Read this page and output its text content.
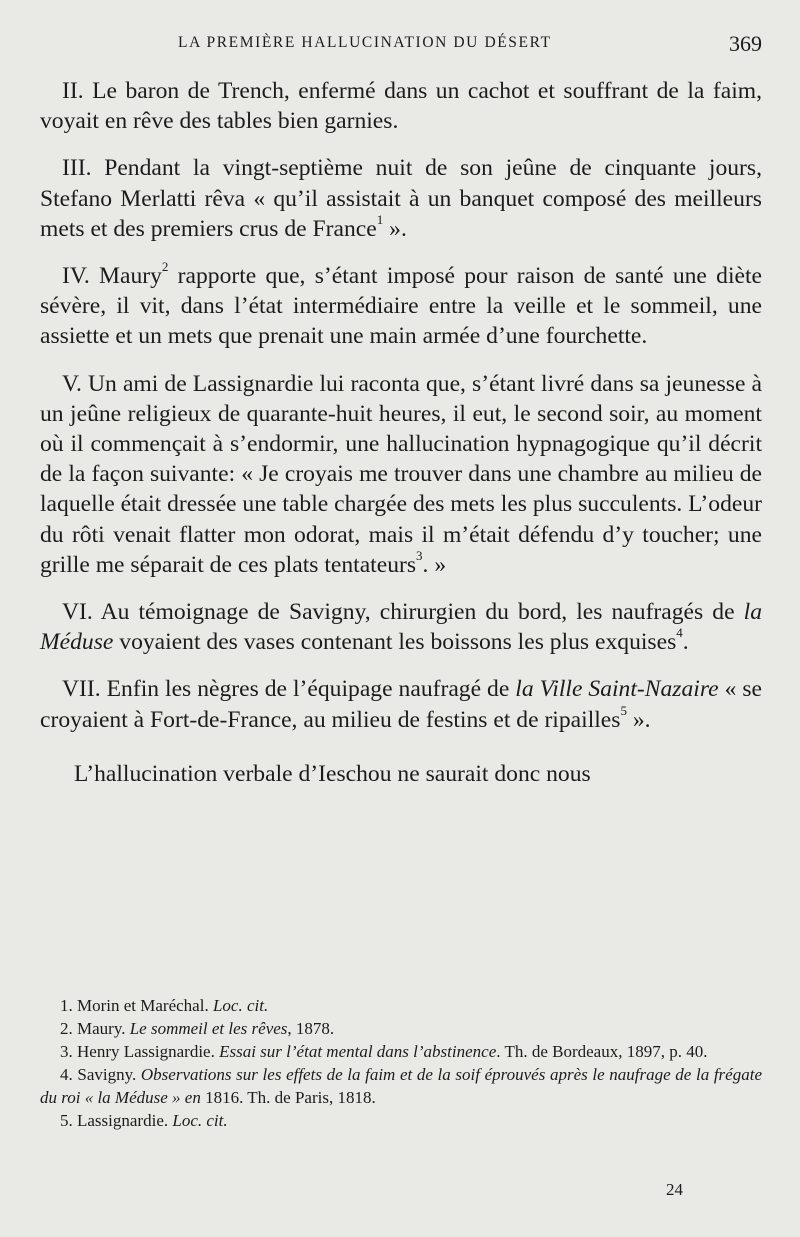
LA PREMIÈRE HALLUCINATION DU DÉSERT	369

II. Le baron de Trench, enfermé dans un cachot et souffrant de la faim, voyait en rêve des tables bien garnies.

III. Pendant la vingt-septième nuit de son jeûne de cinquante jours, Stefano Merlatti rêva « qu’il assistait à un banquet composé des meilleurs mets et des premiers crus de France$^1$ ».

IV. Maury$^2$ rapporte que, s’étant imposé pour raison de santé une diète sévère, il vit, dans l’état intermédiaire entre la veille et le sommeil, une assiette et un mets que prenait une main armée d’une fourchette.

V. Un ami de Lassignardie lui raconta que, s’étant livré dans sa jeunesse à un jeûne religieux de quarante-huit heures, il eut, le second soir, au moment où il commençait à s’endormir, une hallucination hypnagogique qu’il décrit de la façon suivante: « Je croyais me trouver dans une chambre au milieu de laquelle était dressée une table chargée des mets les plus succulents. L’odeur du rôti venait flatter mon odorat, mais il m’était défendu d’y toucher; une grille me séparait de ces plats tentateurs$^3$. »

VI. Au témoignage de Savigny, chirurgien du bord, les naufragés de la Méduse voyaient des vases contenant les boissons les plus exquises$^4$.

VII. Enfin les nègres de l’équipage naufragé de la Ville Saint-Nazaire « se croyaient à Fort-de-France, au milieu de festins et de ripailles$^5$ ».

L’hallucination verbale d’Ieschou ne saurait donc nous

1. Morin et Maréchal. Loc. cit.

2. Maury. Le sommeil et les rêves, 1878.

3. Henry Lassignardie. Essai sur l’état mental dans l’abstinence. Th. de Bordeaux, 1897, p. 40.

4. Savigny. Observations sur les effets de la faim et de la soif éprouvés après le naufrage de la frégate du roi « la Méduse » en 1816. Th. de Paris, 1818.

5. Lassignardie. Loc. cit.

24
